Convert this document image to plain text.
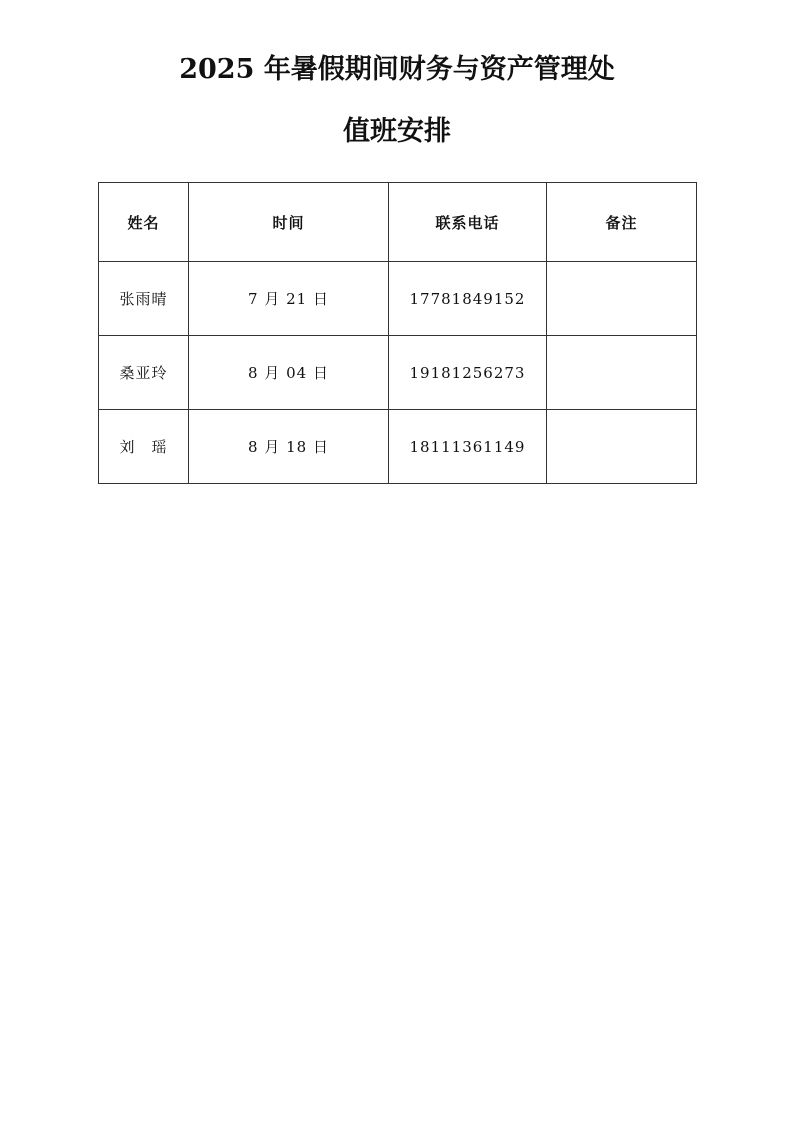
2025 年暑假期间财务与资产管理处
值班安排
姓名	时间	联系电话	备注
张雨晴	7 月 21 日	17781849152	
桑亚玲	8 月 04 日	19181256273	
刘　瑶	8 月 18 日	18111361149	
